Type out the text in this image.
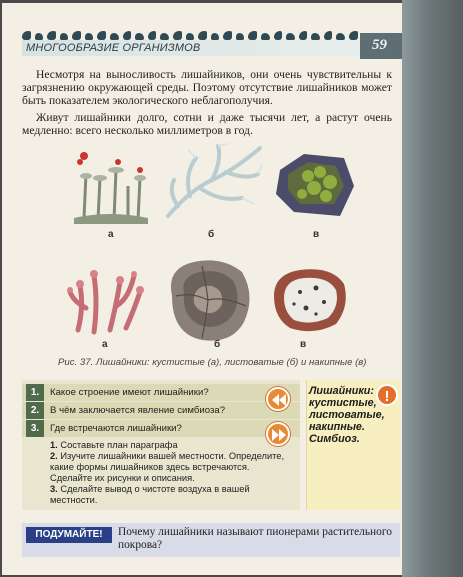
МНОГООБРАЗИЕ ОРГАНИЗМОВ	59
Несмотря на выносливость лишайников, они очень чувствительны к загрязнению окружающей среды. Поэтому отсутствие лишайников может быть показателем экологического неблагополучия.
Живут лишайники долго, сотни и даже тысячи лет, а растут очень медленно: всего несколько миллиметров в год.
а	б	в
а	б	в
Рис. 37. Лишайники: кустистые (а), листоватые (б) и накипные (в)
1.	Какое строение имеют лишайники?
2.	В чём заключается явление симбиоза?
3.	Где встречаются лишайники?
1. Составьте план параграфа
2. Изучите лишайники вашей местности. Определите, какие формы лишайников здесь встречаются. Сделайте их рисунки и описания.
3. Сделайте вывод о чистоте воздуха в вашей местности.
Лишайники: кустистые, листоватые, накипные. Симбиоз.
!
ПОДУМАЙТЕ!	Почему лишайники называют пионерами растительного покрова?
